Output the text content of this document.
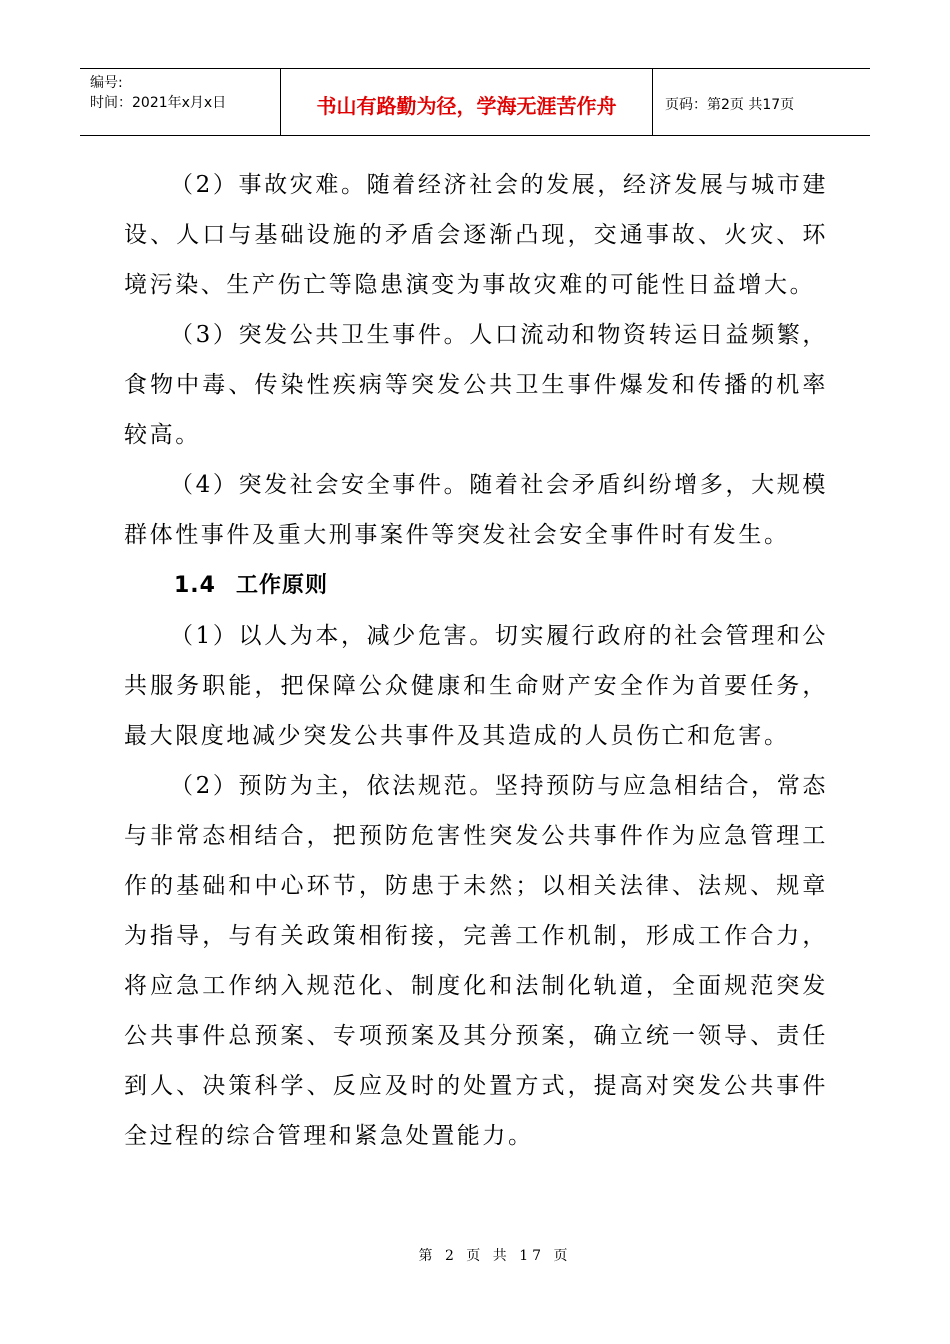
编号:
时间：2021年x月x日	书山有路勤为径，学海无涯苦作舟	页码：第2页 共17页

（2）事故灾难。随着经济社会的发展，经济发展与城市建设、人口与基础设施的矛盾会逐渐凸现，交通事故、火灾、环境污染、生产伤亡等隐患演变为事故灾难的可能性日益增大。

（3）突发公共卫生事件。人口流动和物资转运日益频繁，食物中毒、传染性疾病等突发公共卫生事件爆发和传播的机率较高。

（4）突发社会安全事件。随着社会矛盾纠纷增多，大规模群体性事件及重大刑事案件等突发社会安全事件时有发生。

1.4 工作原则

（1）以人为本，减少危害。切实履行政府的社会管理和公共服务职能，把保障公众健康和生命财产安全作为首要任务，最大限度地减少突发公共事件及其造成的人员伤亡和危害。

（2）预防为主，依法规范。坚持预防与应急相结合，常态与非常态相结合，把预防危害性突发公共事件作为应急管理工作的基础和中心环节，防患于未然；以相关法律、法规、规章为指导，与有关政策相衔接，完善工作机制，形成工作合力，将应急工作纳入规范化、制度化和法制化轨道，全面规范突发公共事件总预案、专项预案及其分预案，确立统一领导、责任到人、决策科学、反应及时的处置方式，提高对突发公共事件全过程的综合管理和紧急处置能力。

第 2 页 共 17 页
